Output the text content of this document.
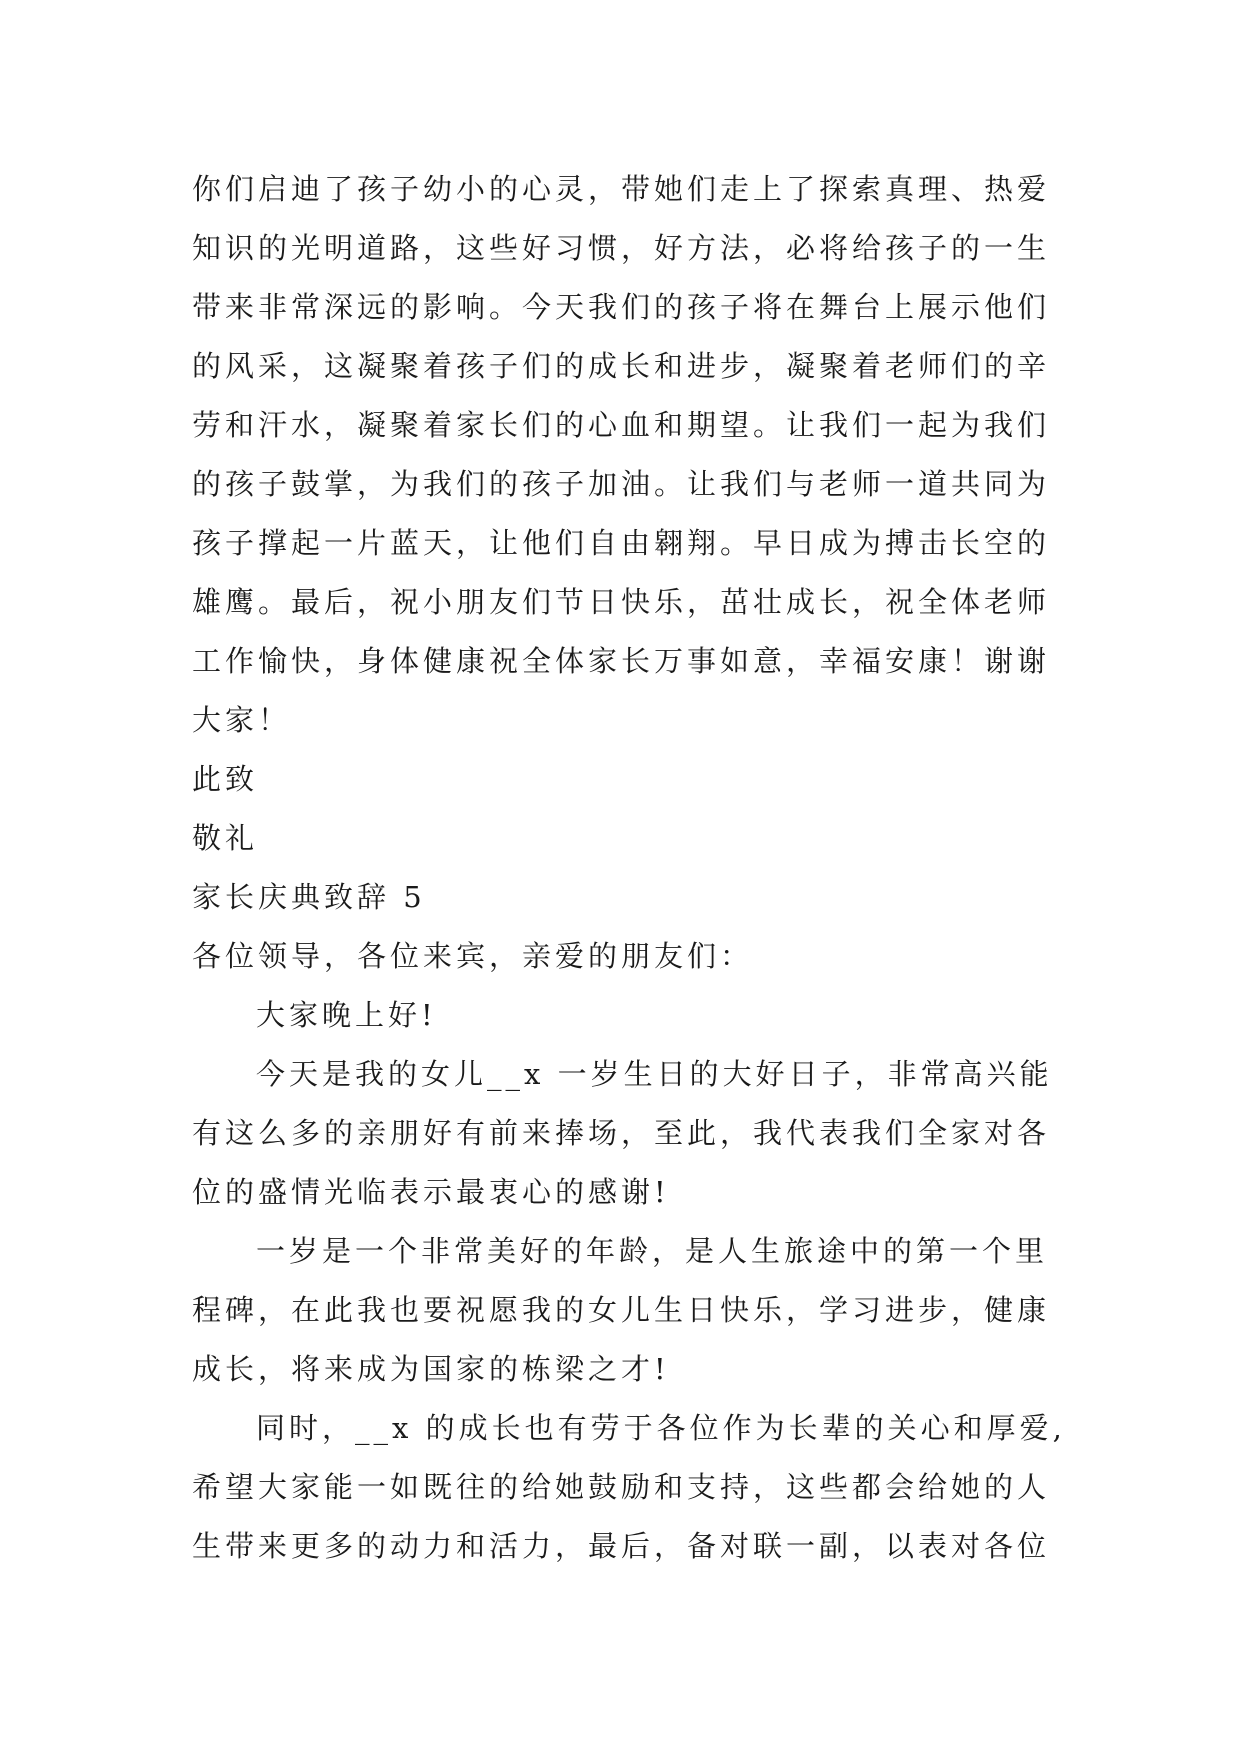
你们启迪了孩子幼小的心灵，带她们走上了探索真理、热爱
知识的光明道路，这些好习惯，好方法，必将给孩子的一生
带来非常深远的影响。今天我们的孩子将在舞台上展示他们
的风采，这凝聚着孩子们的成长和进步，凝聚着老师们的辛
劳和汗水，凝聚着家长们的心血和期望。让我们一起为我们
的孩子鼓掌，为我们的孩子加油。让我们与老师一道共同为
孩子撑起一片蓝天，让他们自由翱翔。早日成为搏击长空的
雄鹰。最后，祝小朋友们节日快乐，茁壮成长，祝全体老师
工作愉快，身体健康祝全体家长万事如意，幸福安康！谢谢
大家！
此致
敬礼
家长庆典致辞 5
各位领导，各位来宾，亲爱的朋友们：
大家晚上好!
今天是我的女儿__x 一岁生日的大好日子，非常高兴能
有这么多的亲朋好有前来捧场，至此，我代表我们全家对各
位的盛情光临表示最衷心的感谢!
一岁是一个非常美好的年龄，是人生旅途中的第一个里
程碑，在此我也要祝愿我的女儿生日快乐，学习进步，健康
成长，将来成为国家的栋梁之才!
同时，__x 的成长也有劳于各位作为长辈的关心和厚爱,
希望大家能一如既往的给她鼓励和支持，这些都会给她的人
生带来更多的动力和活力，最后，备对联一副，以表对各位
